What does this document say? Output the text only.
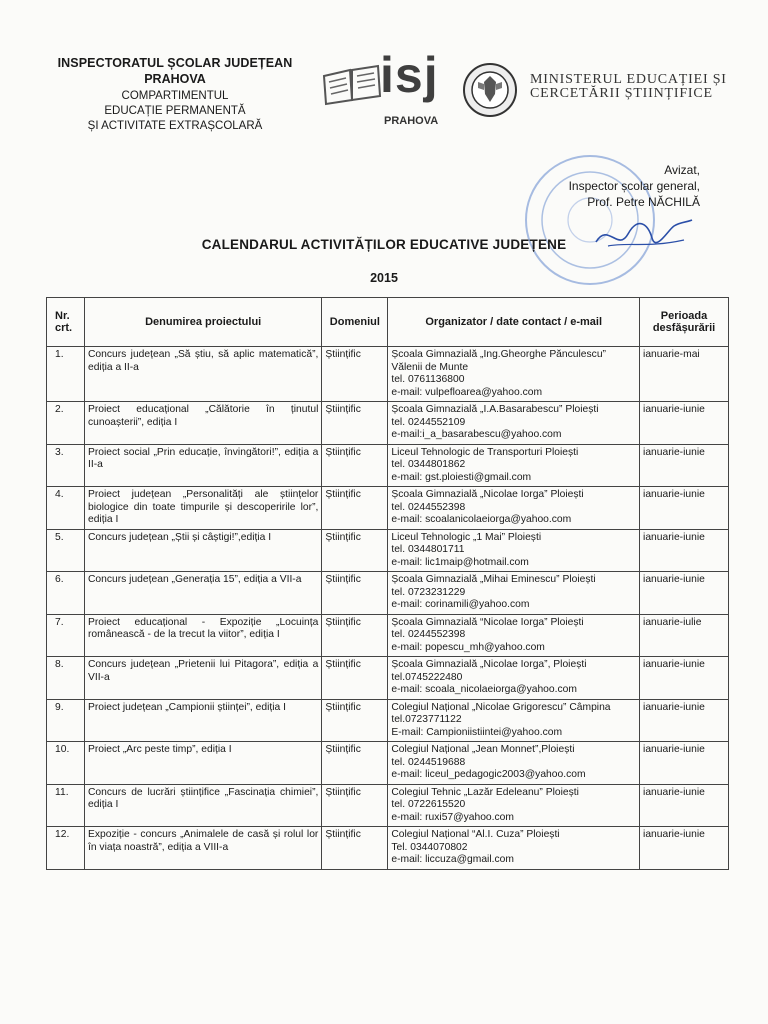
INSPECTORATUL ȘCOLAR JUDEȚEAN
PRAHOVA
COMPARTIMENTUL
EDUCAȚIE PERMANENTĂ
ȘI ACTIVITATE EXTRAȘCOLARĂ
isj
PRAHOVA
MINISTERUL EDUCAȚIEI ȘI
CERCETĂRII ȘTIINȚIFICE
Avizat,
Inspector școlar general,
Prof. Petre NĂCHILĂ
CALENDARUL ACTIVITĂȚILOR EDUCATIVE JUDEȚENE
2015
Nr. crt.	Denumirea proiectului	Domeniul	Organizator / date contact / e-mail	Perioada desfășurării
1.	Concurs județean „Să știu, să aplic matematică”, ediția a II-a	Științific	Școala Gimnazială „Ing.Gheorghe Pănculescu” Vălenii de Munte
tel. 0761136800
e-mail: vulpefloarea@yahoo.com	ianuarie-mai
2.	Proiect educațional „Călătorie în ținutul cunoașterii”, ediția I	Științific	Școala Gimnazială „I.A.Basarabescu” Ploiești
tel. 0244552109
e-mail:i_a_basarabescu@yahoo.com	ianuarie-iunie
3.	Proiect social „Prin educație, învingători!”, ediția a II-a	Științific	Liceul Tehnologic de Transporturi Ploiești
tel. 0344801862
e-mail: gst.ploiesti@gmail.com	ianuarie-iunie
4.	Proiect județean „Personalități ale științelor biologice din toate timpurile și descoperirile lor”, ediția I	Științific	Școala Gimnazială „Nicolae Iorga” Ploiești
tel. 0244552398
e-mail: scoalanicolaeiorga@yahoo.com	ianuarie-iunie
5.	Concurs județean „Știi și câștigi!”,ediția I	Științific	Liceul Tehnologic „1 Mai” Ploiești
tel. 0344801711
e-mail: lic1maip@hotmail.com	ianuarie-iunie
6.	Concurs județean „Generația 15”, ediția a VII-a	Științific	Școala Gimnazială „Mihai Eminescu” Ploiești
tel. 0723231229
e-mail: corinamili@yahoo.com	ianuarie-iunie
7.	Proiect educațional - Expoziție „Locuința românească - de la trecut la viitor”, ediția I	Științific	Școala Gimnazială “Nicolae Iorga” Ploiești
tel. 0244552398
e-mail: popescu_mh@yahoo.com	ianuarie-iulie
8.	Concurs județean „Prietenii lui Pitagora”, ediția a VII-a	Științific	Școala Gimnazială „Nicolae Iorga”, Ploiești
tel.0745222480
e-mail: scoala_nicolaeiorga@yahoo.com	ianuarie-iunie
9.	Proiect județean „Campionii științei”, ediția I	Științific	Colegiul Național „Nicolae Grigorescu” Câmpina
tel.0723771122
E-mail: Campioniistiintei@yahoo.com	ianuarie-iunie
10.	Proiect „Arc peste timp”, ediția I	Științific	Colegiul Național „Jean Monnet”,Ploiești
tel. 0244519688
e-mail: liceul_pedagogic2003@yahoo.com	ianuarie-iunie
11.	Concurs de lucrări științifice „Fascinația chimiei”, ediția I	Științific	Colegiul Tehnic „Lazăr Edeleanu” Ploiești
tel. 0722615520
e-mail: ruxi57@yahoo.com	ianuarie-iunie
12.	Expoziție - concurs „Animalele de casă și rolul lor în viața noastră”, ediția a VIII-a	Științific	Colegiul Național “Al.I. Cuza” Ploiești
Tel. 0344070802
e-mail: liccuza@gmail.com	ianuarie-iunie
